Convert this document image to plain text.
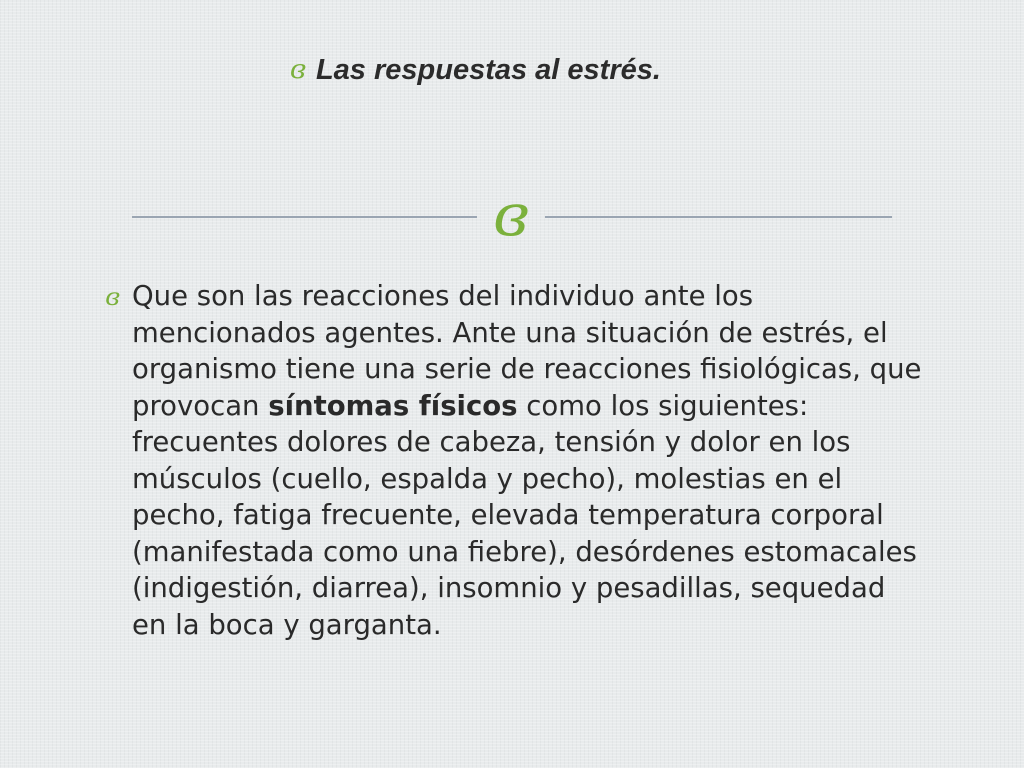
ɞ Las respuestas al estrés.
ɞ
ɞ Que son las reacciones del individuo ante los mencionados agentes. Ante una situación de estrés, el organismo tiene una serie de reacciones fisiológicas, que provocan síntomas físicos como los siguientes: frecuentes dolores de cabeza, tensión y dolor en los músculos (cuello, espalda y pecho), molestias en el pecho, fatiga frecuente, elevada temperatura corporal (manifestada como una fiebre), desórdenes estomacales (indigestión, diarrea), insomnio y pesadillas, sequedad en la boca y garganta.
